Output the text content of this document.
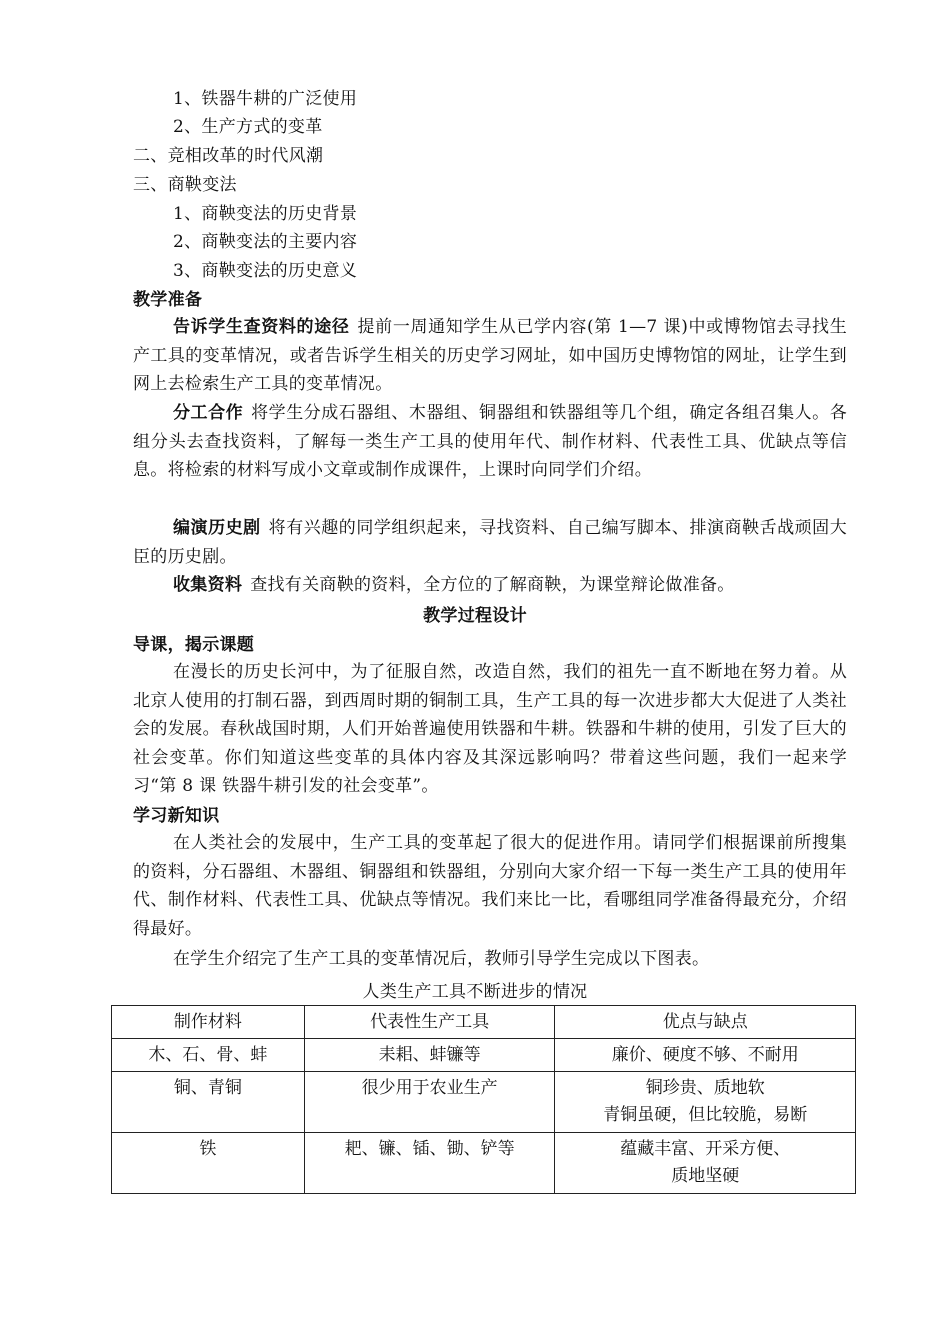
1、铁器牛耕的广泛使用
2、生产方式的变革
二、竞相改革的时代风潮
三、商鞅变法
1、商鞅变法的历史背景
2、商鞅变法的主要内容
3、商鞅变法的历史意义
教学准备
告诉学生查资料的途径 提前一周通知学生从已学内容(第 1—7 课)中或博物馆去寻找生产工具的变革情况，或者告诉学生相关的历史学习网址，如中国历史博物馆的网址，让学生到网上去检索生产工具的变革情况。
分工合作 将学生分成石器组、木器组、铜器组和铁器组等几个组，确定各组召集人。各组分头去查找资料，了解每一类生产工具的使用年代、制作材料、代表性工具、优缺点等信息。将检索的材料写成小文章或制作成课件，上课时向同学们介绍。
编演历史剧 将有兴趣的同学组织起来，寻找资料、自己编写脚本、排演商鞅舌战顽固大臣的历史剧。
收集资料 查找有关商鞅的资料，全方位的了解商鞅，为课堂辩论做准备。
教学过程设计
导课，揭示课题
在漫长的历史长河中，为了征服自然，改造自然，我们的祖先一直不断地在努力着。从北京人使用的打制石器，到西周时期的铜制工具，生产工具的每一次进步都大大促进了人类社会的发展。春秋战国时期，人们开始普遍使用铁器和牛耕。铁器和牛耕的使用，引发了巨大的社会变革。你们知道这些变革的具体内容及其深远影响吗？带着这些问题，我们一起来学习“第 8 课 铁器牛耕引发的社会变革”。
学习新知识
在人类社会的发展中，生产工具的变革起了很大的促进作用。请同学们根据课前所搜集的资料，分石器组、木器组、铜器组和铁器组，分别向大家介绍一下每一类生产工具的使用年代、制作材料、代表性工具、优缺点等情况。我们来比一比，看哪组同学准备得最充分，介绍得最好。
在学生介绍完了生产工具的变革情况后，教师引导学生完成以下图表。
人类生产工具不断进步的情况
制作材料	代表性生产工具	优点与缺点
木、石、骨、蚌	耒耜、蚌镰等	廉价、硬度不够、不耐用
铜、青铜	很少用于农业生产	铜珍贵、质地软
青铜虽硬，但比较脆，易断

铁	耙、镰、锸、锄、铲等	蕴藏丰富、开采方便、
质地坚硬
